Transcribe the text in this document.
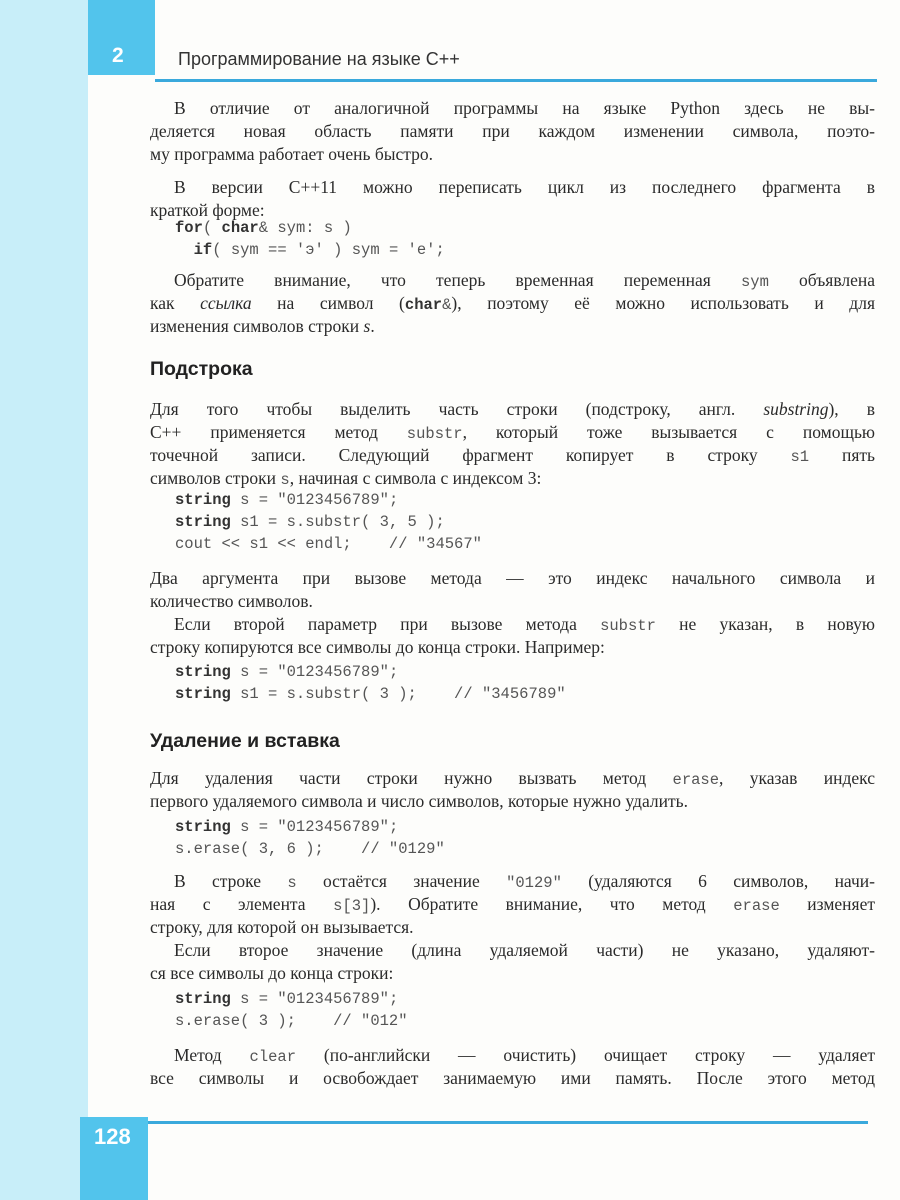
2	Программирование на языке C++
В отличие от аналогичной программы на языке Python здесь не вы-
деляется новая область памяти при каждом изменении символа, поэто-
му программа работает очень быстро.
В версии C++11 можно переписать цикл из последнего фрагмента в
краткой форме:
for( char& sym: s )
if( sym == 'э' ) sym = 'е';
Обратите внимание, что теперь временная переменная sym объявлена
как ссылка на символ (char&), поэтому её можно использовать и для
изменения символов строки s.
Подстрока
Для того чтобы выделить часть строки (подстроку, англ. substring), в
C++ применяется метод substr, который тоже вызывается с помощью
точечной записи. Следующий фрагмент копирует в строку s1 пять
символов строки s, начиная с символа с индексом 3:
string s = "0123456789";
string s1 = s.substr( 3, 5 );
cout << s1 << endl;    // "34567"
Два аргумента при вызове метода — это индекс начального символа и
количество символов.
Если второй параметр при вызове метода substr не указан, в новую
строку копируются все символы до конца строки. Например:
string s = "0123456789";
string s1 = s.substr( 3 );    // "3456789"
Удаление и вставка
Для удаления части строки нужно вызвать метод erase, указав индекс
первого удаляемого символа и число символов, которые нужно удалить.
string s = "0123456789";
s.erase( 3, 6 );    // "0129"
В строке s остаётся значение "0129" (удаляются 6 символов, начи-
ная с элемента s[3]). Обратите внимание, что метод erase изменяет
строку, для которой он вызывается.
Если второе значение (длина удаляемой части) не указано, удаляют-
ся все символы до конца строки:
string s = "0123456789";
s.erase( 3 );    // "012"
Метод clear (по-английски — очистить) очищает строку — удаляет
все символы и освобождает занимаемую ими память. После этого метод
128
